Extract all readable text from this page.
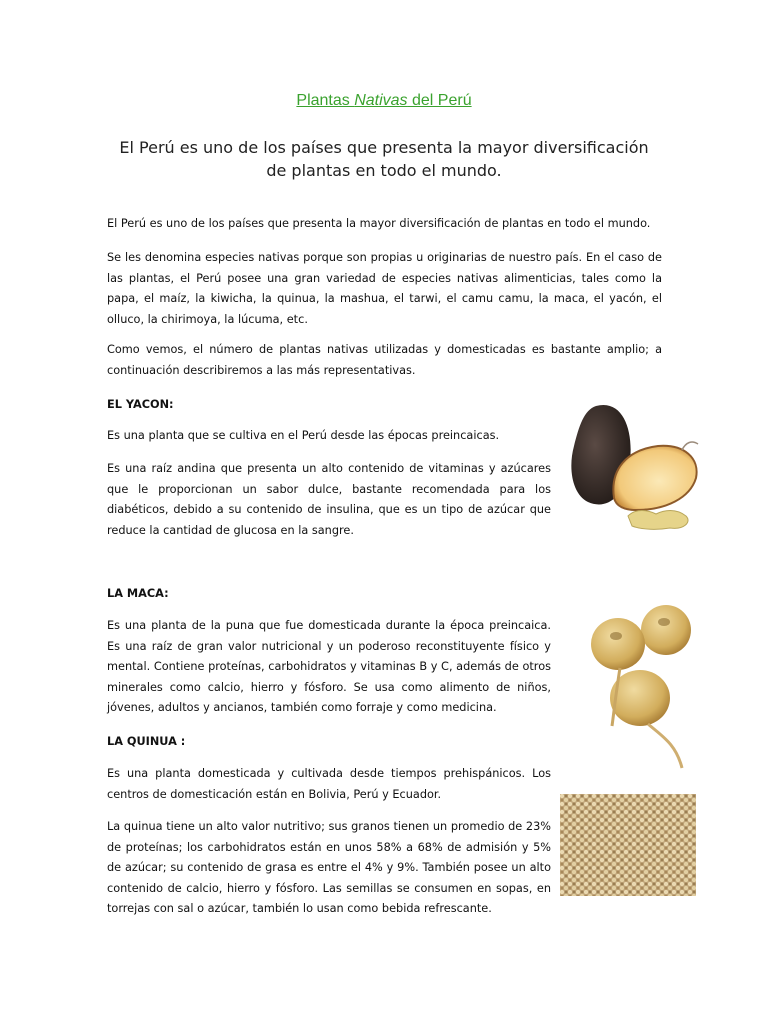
Plantas Nativas del Perú
El Perú es uno de los países que presenta la mayor diversificación
de plantas en todo el mundo.
El Perú es uno de los países que presenta la mayor diversificación de plantas en todo el mundo.
Se les denomina especies nativas porque son propias u originarias de nuestro país. En el caso de las plantas, el Perú posee una gran variedad de especies nativas alimenticias, tales como la papa, el maíz, la kiwicha, la quinua, la mashua, el tarwi, el camu camu, la maca, el yacón, el olluco, la chirimoya, la lúcuma, etc.
Como vemos, el número de plantas nativas utilizadas y domesticadas es bastante amplio; a continuación describiremos a las más representativas.
EL YACON:
Es una planta que se cultiva en el Perú desde las épocas preincaicas.
Es una raíz andina que presenta un alto contenido de vitaminas y azúcares que le proporcionan un sabor dulce, bastante recomendada para los diabéticos, debido a su contenido de insulina, que es un tipo de azúcar que reduce la cantidad de glucosa en la sangre.
LA MACA:
Es una planta de la puna que fue domesticada durante la época preincaica. Es una raíz de gran valor nutricional y un poderoso reconstituyente físico y mental. Contiene proteínas, carbohidratos y vitaminas B y C, además de otros minerales como calcio, hierro y fósforo. Se usa como alimento de niños, jóvenes, adultos y ancianos, también como forraje y como medicina.
LA QUINUA :
Es una planta domesticada y cultivada desde tiempos prehispánicos. Los centros de domesticación están en Bolivia, Perú y Ecuador.
La quinua tiene un alto valor nutritivo; sus granos tienen un promedio de 23% de proteínas; los carbohidratos están en unos 58% a 68% de admisión y 5% de azúcar; su contenido de grasa es entre el 4% y 9%. También posee un alto contenido de calcio, hierro y fósforo. Las semillas se consumen en sopas, en torrejas con sal o azúcar, también lo usan como bebida refrescante.
